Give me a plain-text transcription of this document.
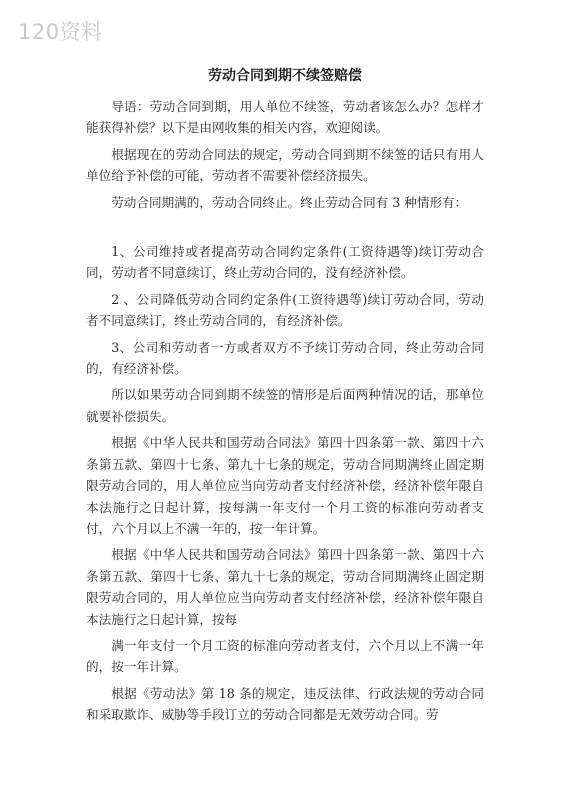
120资料
劳动合同到期不续签赔偿

导语：劳动合同到期，用人单位不续签，劳动者该怎么办？怎样才能获得补偿？以下是由网收集的相关内容，欢迎阅读。

根据现在的劳动合同法的规定，劳动合同到期不续签的话只有用人单位给予补偿的可能，劳动者不需要补偿经济损失。

劳动合同期满的，劳动合同终止。终止劳动合同有 3 种情形有：

1、公司维持或者提高劳动合同约定条件(工资待遇等)续订劳动合同，劳动者不同意续订，终止劳动合同的，没有经济补偿。

2 、公司降低劳动合同约定条件(工资待遇等)续订劳动合同，劳动者不同意续订，终止劳动合同的，有经济补偿。

3、公司和劳动者一方或者双方不予续订劳动合同，终止劳动合同的，有经济补偿。

所以如果劳动合同到期不续签的情形是后面两种情况的话，那单位就要补偿损失。

根据《中华人民共和国劳动合同法》第四十四条第一款、第四十六条第五款、第四十七条、第九十七条的规定，劳动合同期满终止固定期限劳动合同的，用人单位应当向劳动者支付经济补偿，经济补偿年限自本法施行之日起计算，按每满一年支付一个月工资的标准向劳动者支付，六个月以上不满一年的，按一年计算。

根据《中华人民共和国劳动合同法》第四十四条第一款、第四十六条第五款、第四十七条、第九十七条的规定，劳动合同期满终止固定期限劳动合同的，用人单位应当向劳动者支付经济补偿，经济补偿年限自本法施行之日起计算，按每

满一年支付一个月工资的标准向劳动者支付，六个月以上不满一年的，按一年计算。

根据《劳动法》第 18 条的规定，违反法律、行政法规的劳动合同和采取欺诈、威胁等手段订立的劳动合同都是无效劳动合同。劳
